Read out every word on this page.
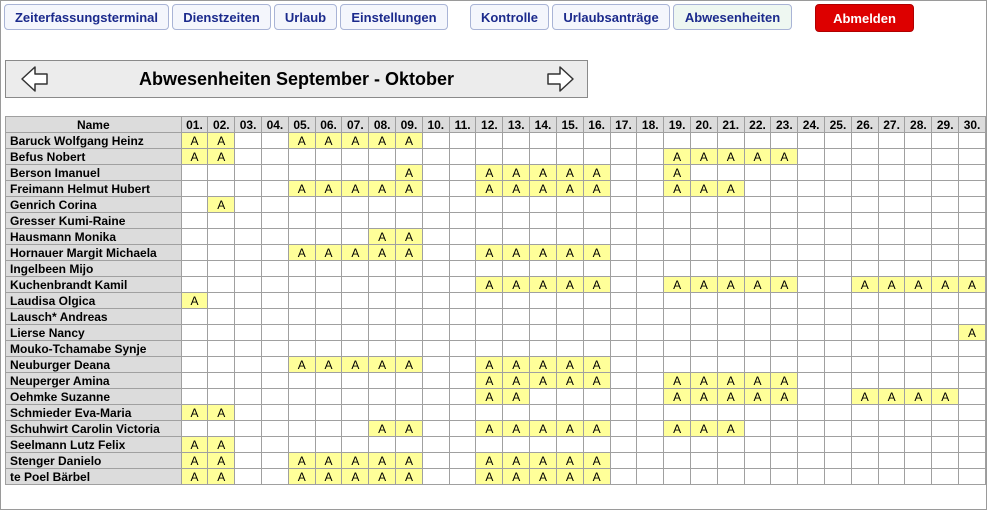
Zeiterfassungsterminal	Dienstzeiten	Urlaub	Einstellungen	Kontrolle	Urlaubsanträge	Abwesenheiten	Abmelden
Abwesenheiten September - Oktober
Name	01.	02.	03.	04.	05.	06.	07.	08.	09.	10.	11.	12.	13.	14.	15.	16.	17.	18.	19.	20.	21.	22.	23.	24.	25.	26.	27.	28.	29.	30.
Baruck Wolfgang Heinz	A	A			A	A	A	A	A																					
Befus Nobert	A	A																	A	A	A	A	A							
Berson Imanuel									A			A	A	A	A	A			A											
Freimann Helmut Hubert					A	A	A	A	A			A	A	A	A	A			A	A	A									
Genrich Corina		A																												
Gresser Kumi-Raine																														
Hausmann Monika								A	A																					
Hornauer Margit Michaela					A	A	A	A	A			A	A	A	A	A														
Ingelbeen Mijo																														
Kuchenbrandt Kamil												A	A	A	A	A			A	A	A	A	A			A	A	A	A	A
Laudisa Olgica	A																													
Lausch* Andreas																														
Lierse Nancy																														A
Mouko-Tchamabe Synje																														
Neuburger Deana					A	A	A	A	A			A	A	A	A	A														
Neuperger Amina												A	A	A	A	A			A	A	A	A	A							
Oehmke Suzanne												A	A						A	A	A	A	A			A	A	A	A	
Schmieder Eva-Maria	A	A																												
Schuhwirt Carolin Victoria								A	A			A	A	A	A	A			A	A	A									
Seelmann Lutz Felix	A	A																												
Stenger Danielo	A	A			A	A	A	A	A			A	A	A	A	A														
te Poel Bärbel	A	A			A	A	A	A	A			A	A	A	A	A														
